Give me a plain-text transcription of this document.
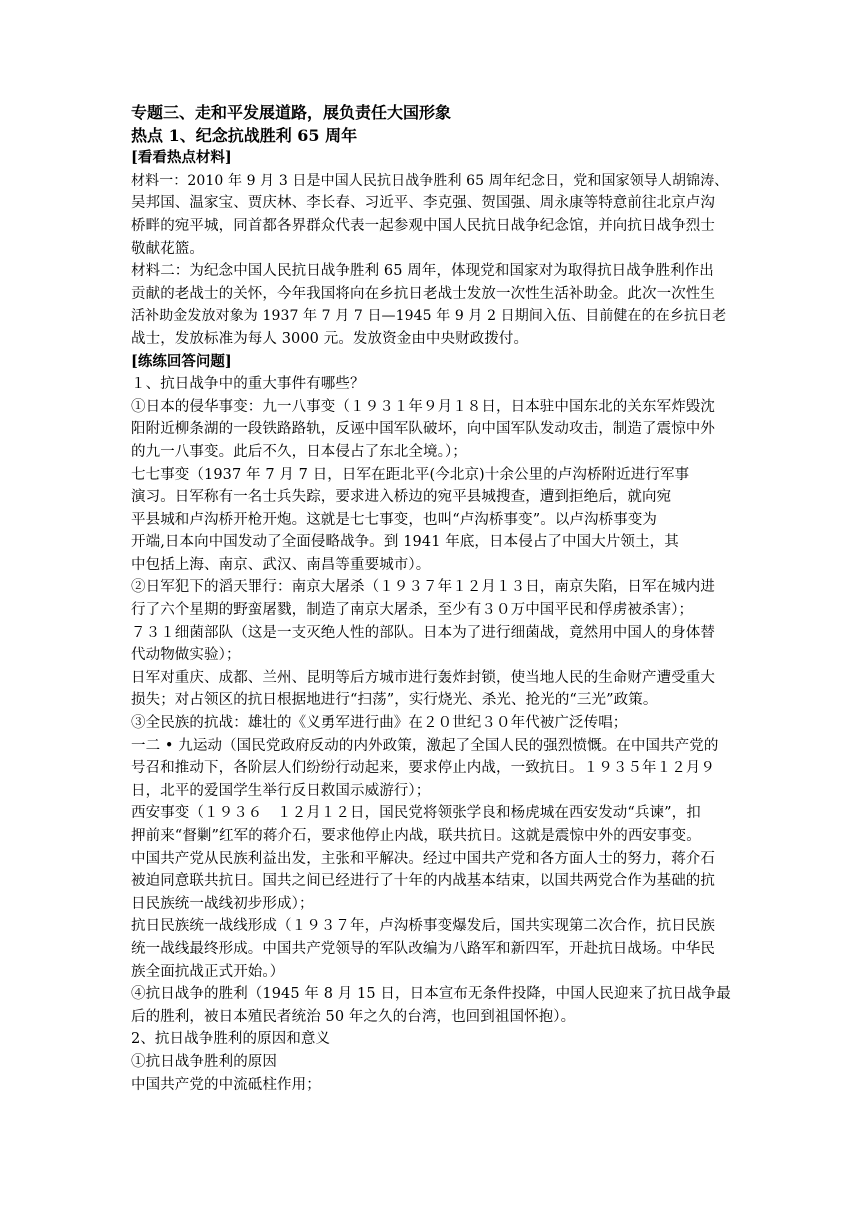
专题三、走和平发展道路，展负责任大国形象
热点 1、纪念抗战胜利 65 周年
[看看热点材料]
材料一：2010 年 9 月 3 日是中国人民抗日战争胜利 65 周年纪念日，党和国家领导人胡锦涛、
吴邦国、温家宝、贾庆林、李长春、习近平、李克强、贺国强、周永康等特意前往北京卢沟
桥畔的宛平城，同首都各界群众代表一起参观中国人民抗日战争纪念馆，并向抗日战争烈士
敬献花篮。
材料二：为纪念中国人民抗日战争胜利 65 周年，体现党和国家对为取得抗日战争胜利作出
贡献的老战士的关怀，今年我国将向在乡抗日老战士发放一次性生活补助金。此次一次性生
活补助金发放对象为 1937 年 7 月 7 日—1945 年 9 月 2 日期间入伍、目前健在的在乡抗日老
战士，发放标准为每人 3000 元。发放资金由中央财政拨付。
[练练回答问题]
１、抗日战争中的重大事件有哪些？
①日本的侵华事变：九一八事变（１９３１年９月１８日，日本驻中国东北的关东军炸毁沈
阳附近柳条湖的一段铁路路轨，反诬中国军队破坏，向中国军队发动攻击，制造了震惊中外
的九一八事变。此后不久，日本侵占了东北全境。）；
七七事变（1937 年 7 月 7 日，日军在距北平(今北京)十余公里的卢沟桥附近进行军事
演习。日军称有一名士兵失踪，要求进入桥边的宛平县城搜查，遭到拒绝后，就向宛
平县城和卢沟桥开枪开炮。这就是七七事变，也叫“卢沟桥事变”。以卢沟桥事变为
开端,日本向中国发动了全面侵略战争。到 1941 年底，日本侵占了中国大片领土，其
中包括上海、南京、武汉、南昌等重要城市）。
②日军犯下的滔天罪行：南京大屠杀（１９３７年１２月１３日，南京失陷，日军在城内进
行了六个星期的野蛮屠戮，制造了南京大屠杀，至少有３０万中国平民和俘虏被杀害）；
７３１细菌部队（这是一支灭绝人性的部队。日本为了进行细菌战，竟然用中国人的身体替
代动物做实验）；
日军对重庆、成都、兰州、昆明等后方城市进行轰炸封锁，使当地人民的生命财产遭受重大
损失；对占领区的抗日根据地进行“扫荡”，实行烧光、杀光、抢光的“三光”政策。
③全民族的抗战：雄壮的《义勇军进行曲》在２０世纪３０年代被广泛传唱；
一二 • 九运动（国民党政府反动的内外政策，激起了全国人民的强烈愤慨。在中国共产党的
号召和推动下，各阶层人们纷纷行动起来，要求停止内战，一致抗日。１９３５年１２月９
日，北平的爱国学生举行反日救国示威游行）；
西安事变（１９３６　１２月１２日，国民党将领张学良和杨虎城在西安发动“兵谏”，扣
押前来“督剿”红军的蒋介石，要求他停止内战，联共抗日。这就是震惊中外的西安事变。
中国共产党从民族利益出发，主张和平解决。经过中国共产党和各方面人士的努力，蒋介石
被迫同意联共抗日。国共之间已经进行了十年的内战基本结束，以国共两党合作为基础的抗
日民族统一战线初步形成）；
抗日民族统一战线形成（１９３７年，卢沟桥事变爆发后，国共实现第二次合作，抗日民族
统一战线最终形成。中国共产党领导的军队改编为八路军和新四军，开赴抗日战场。中华民
族全面抗战正式开始。）
④抗日战争的胜利（1945 年 8 月 15 日，日本宣布无条件投降，中国人民迎来了抗日战争最
后的胜利，被日本殖民者统治 50 年之久的台湾，也回到祖国怀抱）。
2、抗日战争胜利的原因和意义
①抗日战争胜利的原因
中国共产党的中流砥柱作用；
